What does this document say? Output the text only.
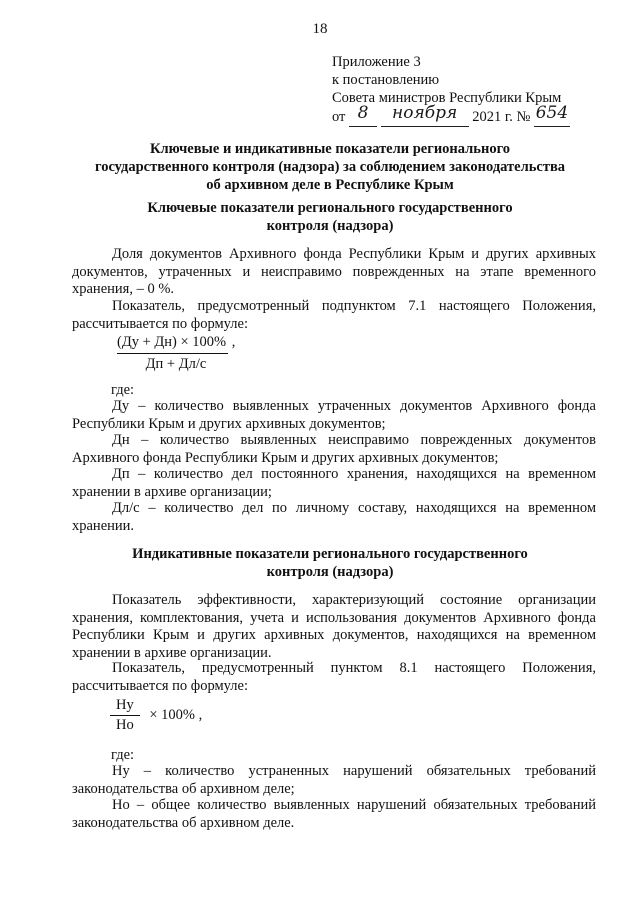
18
Приложение 3
к постановлению
Совета министров Республики Крым
от 8 ноября 2021 г. № 654
Ключевые и индикативные показатели регионального
государственного контроля (надзора) за соблюдением законодательства
об архивном деле в Республике Крым
Ключевые показатели регионального государственного
контроля (надзора)
Доля документов Архивного фонда Республики Крым и других архивных документов, утраченных и неисправимо поврежденных на этапе временного хранения, – 0 %.
Показатель, предусмотренный подпунктом 7.1 настоящего Положения, рассчитывается по формуле:
(Ду + Дн) × 100% ,
Дп + Дл/с
где:
Ду – количество выявленных утраченных документов Архивного фонда Республики Крым и других архивных документов;
Дн – количество выявленных неисправимо поврежденных документов Архивного фонда Республики Крым и других архивных документов;
Дп – количество дел постоянного хранения, находящихся на временном хранении в архиве организации;
Дл/с – количество дел по личному составу, находящихся на временном хранении.
Индикативные показатели регионального государственного
контроля (надзора)
Показатель эффективности, характеризующий состояние организации хранения, комплектования, учета и использования документов Архивного фонда Республики Крым и других архивных документов, находящихся на временном хранении в архиве организации.
Показатель, предусмотренный пунктом 8.1 настоящего Положения, рассчитывается по формуле:
Ну
Но
× 100% ,
где:
Ну – количество устраненных нарушений обязательных требований законодательства об архивном деле;
Но – общее количество выявленных нарушений обязательных требований законодательства об архивном деле.
